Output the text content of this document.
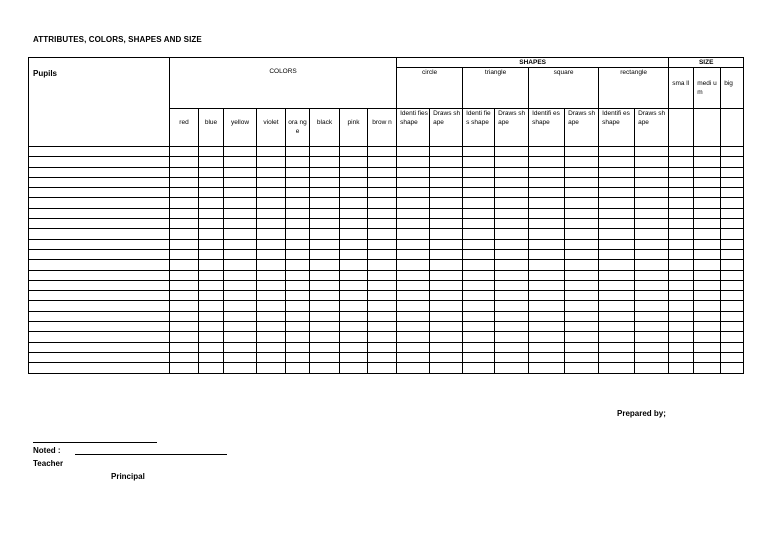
ATTRIBUTES, COLORS, SHAPES AND SIZE
Pupils	COLORS								SHAPES								SIZE		
									circle		triangle		square		rectangle		sma ll	medi um	big
	red	blue	yellow	violet	ora nge	black	pink	brow n	Identi fies shape	Draws shape	Identi fies shape	Draws shape	Identifi es shape	Draws shape	Identifi es shape	Draws shape			

Prepared by;
Noted :
Teacher
Principal
